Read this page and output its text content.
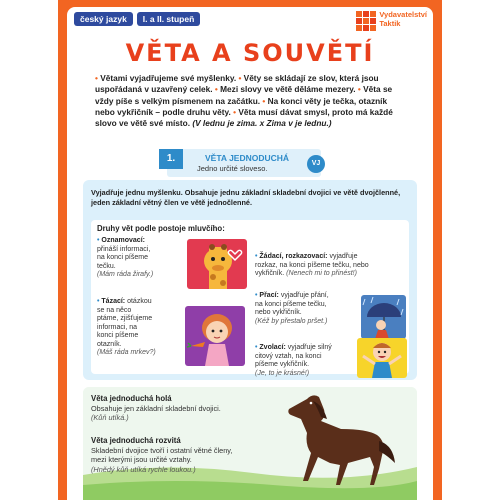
český jazyk	I. a II. stupeň	Vydavatelství
Taktik
VĚTA A SOUVĚTÍ
• Větami vyjadřujeme své myšlenky. • Věty se skládají ze slov, která jsou uspořádaná v uzavřený celek. • Mezi slovy ve větě děláme mezery. • Věta se vždy píše s velkým písmenem na začátku. • Na konci věty je tečka, otazník nebo vykřičník – podle druhu věty. • Věta musí dávat smysl, proto má každé slovo ve větě své místo. (V lednu je zima. x Zima v je lednu.)
1.	VĚTA JEDNODUCHÁ
Jedno určité sloveso.
VJ
Vyjadřuje jednu myšlenku. Obsahuje jednu základní skladební dvojici ve větě dvojčlenné, jeden základní větný člen ve větě jednočlenné.
Druhy vět podle postoje mluvčího:
• Oznamovací:
přináší informaci,
na konci píšeme
tečku.
(Mám ráda žirafy.)
• Tázací: otázkou
se na něco
ptáme, zjišťujeme
informaci, na
konci píšeme
otazník.
(Máš ráda mrkev?)
• Žádací, rozkazovací: vyjadřuje
rozkaz, na konci píšeme tečku, nebo
vykřičník. (Nenech mi to přinést!)
• Přací: vyjadřuje přání,
na konci píšeme tečku,
nebo vykřičník.
(Kéž by přestalo pršet.)
• Zvolací: vyjadřuje silný
citový vztah, na konci
píšeme vykřičník.
(Je, to je krásné!)
Věta jednoduchá holá
Obsahuje jen základní skladební dvojici.
(Kůň utíká.)
Věta jednoduchá rozvitá
Skladební dvojice tvoří i ostatní větné členy,
mezi kterými jsou určité vztahy.
(Hnědý kůň utíká rychle loukou.)
